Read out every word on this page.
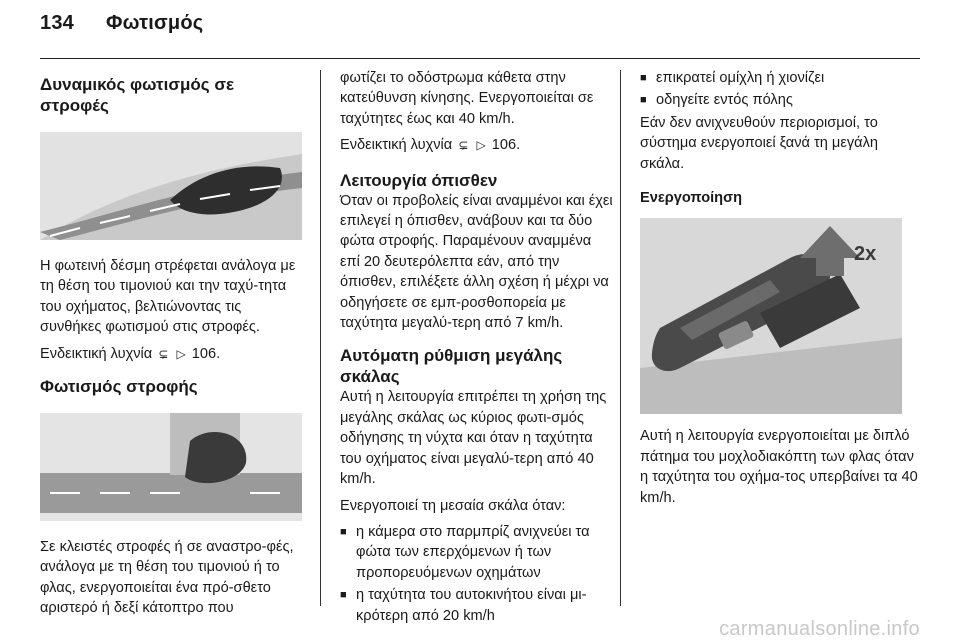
134 Φωτισμός
Δυναμικός φωτισμός σε στροφές

Η φωτεινή δέσμη στρέφεται ανάλογα με τη θέση του τιμονιού και την ταχύ-τητα του οχήματος, βελτιώνοντας τις συνθήκες φωτισμού στις στροφές.

Ενδεικτική λυχνία ⊊ ▷ 106.

Φωτισμός στροφής

Σε κλειστές στροφές ή σε αναστρο-φές, ανάλογα με τη θέση του τιμονιού ή το φλας, ενεργοποιείται ένα πρό-σθετο αριστερό ή δεξί κάτοπτρο που

φωτίζει το οδόστρωμα κάθετα στην κατεύθυνση κίνησης. Ενεργοποιείται σε ταχύτητες έως και 40 km/h.

Ενδεικτική λυχνία ⊊ ▷ 106.

Λειτουργία όπισθεν

Όταν οι προβολείς είναι αναμμένοι και έχει επιλεγεί η όπισθεν, ανάβουν και τα δύο φώτα στροφής. Παραμένουν αναμμένα επί 20 δευτερόλεπτα εάν, από την όπισθεν, επιλέξετε άλλη σχέση ή μέχρι να οδηγήσετε σε εμπ-ροσθοπορεία με ταχύτητα μεγαλύ-τερη από 7 km/h.

Αυτόματη ρύθμιση μεγάλης σκάλας

Αυτή η λειτουργία επιτρέπει τη χρήση της μεγάλης σκάλας ως κύριος φωτι-σμός οδήγησης τη νύχτα και όταν η ταχύτητα του οχήματος είναι μεγαλύ-τερη από 40 km/h.

Ενεργοποιεί τη μεσαία σκάλα όταν:

■ η κάμερα στο παρμπρίζ ανιχνεύει τα φώτα των επερχόμενων ή των προπορευόμενων οχημάτων
■ η ταχύτητα του αυτοκινήτου είναι μι-κρότερη από 20 km/h
■ επικρατεί ομίχλη ή χιονίζει
■ οδηγείτε εντός πόλης

Εάν δεν ανιχνευθούν περιορισμοί, το σύστημα ενεργοποιεί ξανά τη μεγάλη σκάλα.

Ενεργοποίηση
2x

Αυτή η λειτουργία ενεργοποιείται με διπλό πάτημα του μοχλοδιακόπτη των φλας όταν η ταχύτητα του οχήμα-τος υπερβαίνει τα 40 km/h.

carmanualsonline.info
